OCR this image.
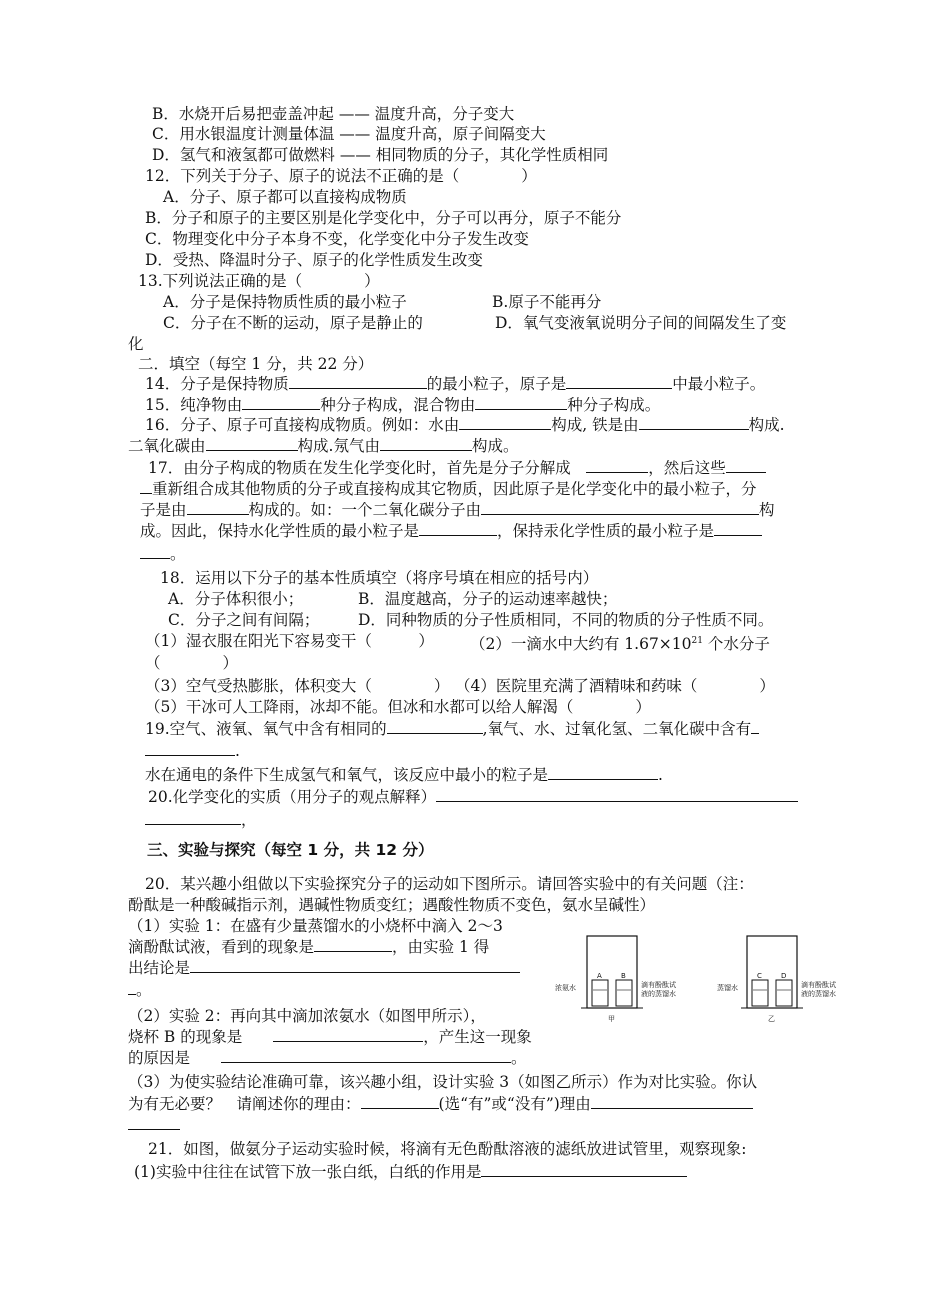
B．水烧开后易把壶盖冲起 —— 温度升高，分子变大
C．用水银温度计测量体温 —— 温度升高，原子间隔变大
D．氢气和液氢都可做燃料 —— 相同物质的分子，其化学性质相同
12．下列关于分子、原子的说法不正确的是（　　　　）
A．分子、原子都可以直接构成物质
B．分子和原子的主要区别是化学变化中，分子可以再分，原子不能分
C．物理变化中分子本身不变，化学变化中分子发生改变
D．受热、降温时分子、原子的化学性质发生改变
13.下列说法正确的是（　　　　）
A．分子是保持物质性质的最小粒子	B.原子不能再分
C．分子在不断的运动，原子是静止的	D．氧气变液氧说明分子间的间隔发生了变
化
二．填空（每空 1 分，共 22 分）
14．分子是保持物质	的最小粒子，原子是	中最小粒子。
15．纯净物由	种分子构成，混合物由	种分子构成。
16．分子、原子可直接构成物质。例如：水由	构成, 铁是由	构成.
二氧化碳由	构成.氖气由	构成。
17．由分子构成的物质在发生化学变化时，首先是分子分解成　	，然后这些
重新组合成其他物质的分子或直接构成其它物质，因此原子是化学变化中的最小粒子，分
子是由	构成的。如：一个二氧化碳分子由	构
成。因此，保持水化学性质的最小粒子是	，保持汞化学性质的最小粒子是
。
18．运用以下分子的基本性质填空（将序号填在相应的括号内）
A．分子体积很小；	B．温度越高，分子的运动速率越快；
C．分子之间有间隔； D．同种物质的分子性质相同，不同的物质的分子性质不同。
（1）湿衣服在阳光下容易变干（　　　） （2）一滴水中大约有 $1.67\times 10^{21}$ 个水分子
（　　　　）
（3）空气受热膨胀，体积变大（　　　　） （4）医院里充满了酒精味和药味（　　　　）
（5）干冰可人工降雨，冰却不能。但冰和水都可以给人解渴（　　　　）
19.空气、液氧、氧气中含有相同的	,氧气、水、过氧化氢、二氧化碳中含有
.
水在通电的条件下生成氢气和氧气，该反应中最小的粒子是	.
20.化学变化的实质（用分子的观点解释）
，
三、实验与探究（每空 1 分，共 12 分）
20．某兴趣小组做以下实验探究分子的运动如下图所示。请回答实验中的有关问题（注：
酚酞是一种酸碱指示剂，遇碱性物质变红；遇酸性物质不变色，氨水呈碱性）
（1）实验 1：在盛有少量蒸馏水的小烧杯中滴入 2～3
滴酚酞试液，看到的现象是	，由实验 1 得
出结论是
。
（2）实验 2：再向其中滴加浓氨水（如图甲所示），
烧杯 B 的现象是　　	，产生这一现象
的原因是　　	。
（3）为使实验结论准确可靠，该兴趣小组，设计实验 3（如图乙所示）作为对比实验。你认
为有无必要？　请阐述你的理由：	(选“有”或“没有”)理由
21．如图，做氨分子运动实验时候，将滴有无色酚酞溶液的滤纸放进试管里，观察现象:
(1)实验中往往在试管下放一张白纸，白纸的作用是
A	B
浓氨水	滴有酚酞试
液的蒸馏水
甲
C	D
蒸馏水	滴有酚酞试
液的蒸馏水
乙
